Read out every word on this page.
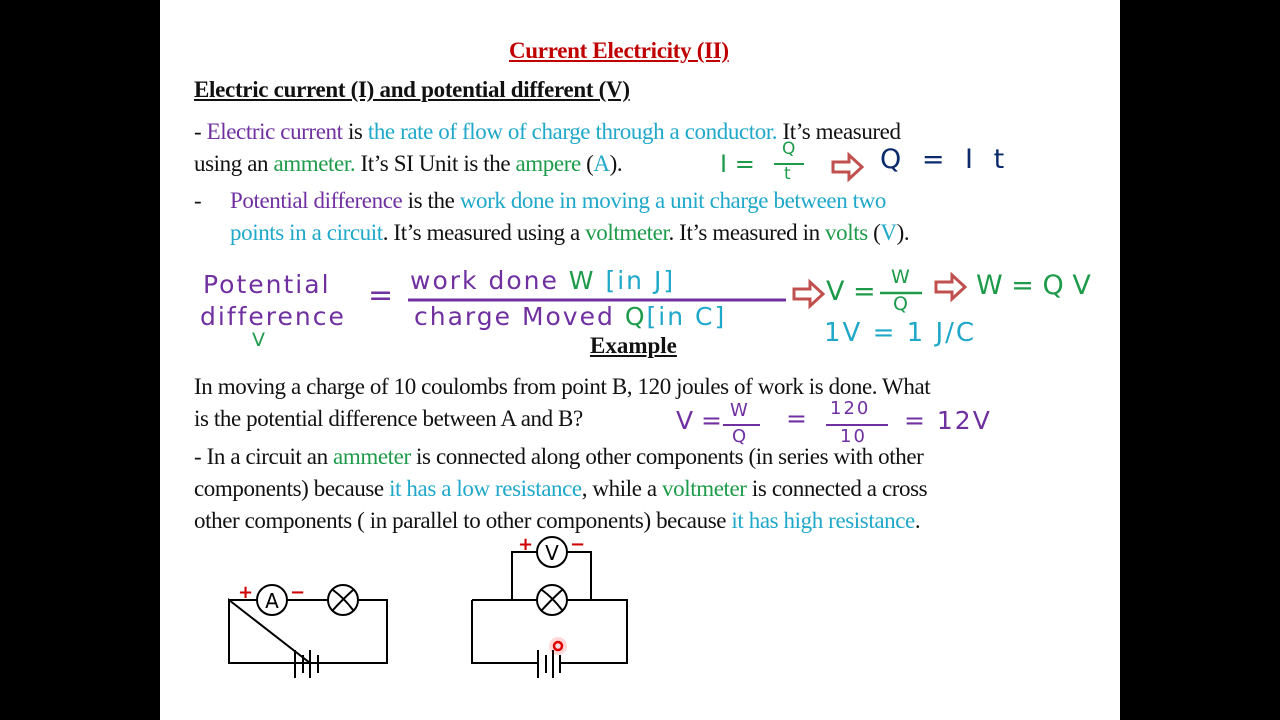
Current Electricity (II)
Electric current (I) and potential different (V)
- Electric current is the rate of flow of charge through a conductor. It’s measured
using an ammeter. It’s SI Unit is the ampere (A).
- Potential difference is the work done in moving a unit charge between two
points in a circuit. It’s measured using a voltmeter. It’s measured in volts (V).
I =
Q
t
A
+ −
V
+ −
Q = I t
Potential
difference
V
= work done W [in J]
charge Moved Q[in C]
V = W
Q
W = Q V
1V = 1 J/C
Example
In moving a charge of 10 coulombs from point B, 120 joules of work is done. What
is the potential difference between A and B?	V = W
Q
= 120
10
= 12V
- In a circuit an ammeter is connected along other components (in series with other
components) because it has a low resistance, while a voltmeter is connected a cross
other components ( in parallel to other components) because it has high resistance.
